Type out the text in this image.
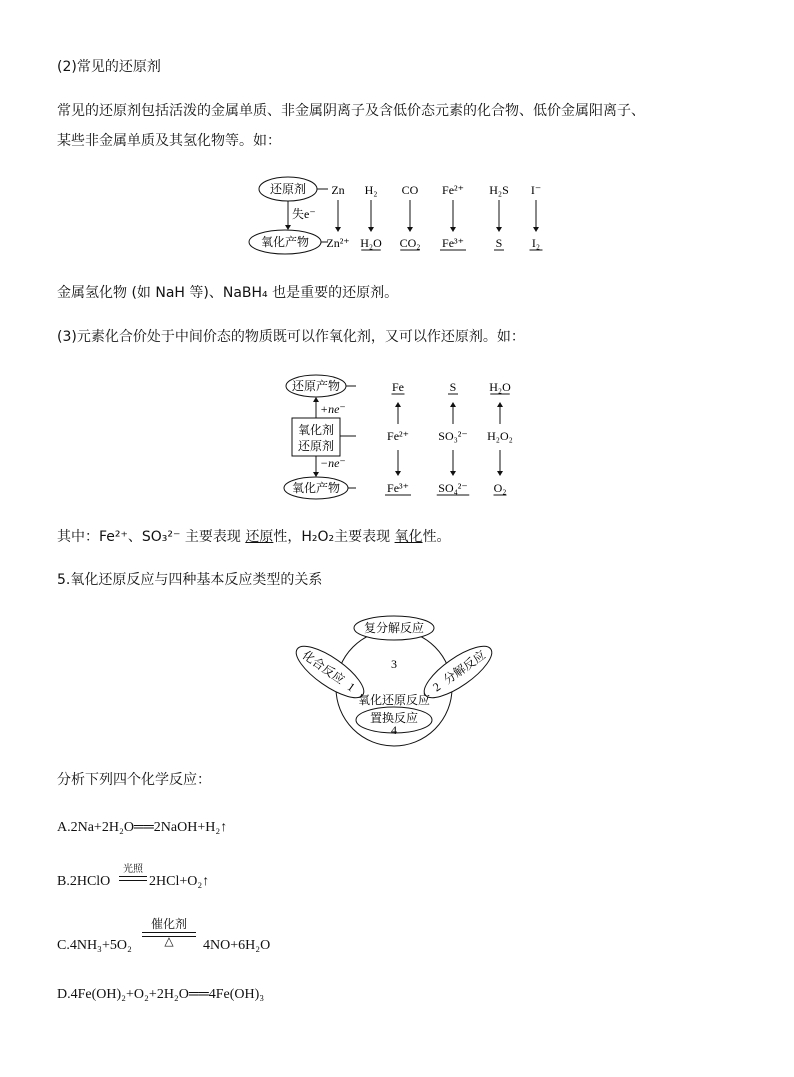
(2)常见的还原剂
常见的还原剂包括活泼的金属单质、非金属阴离子及含低价态元素的化合物、低价金属阳离子、
某些非金属单质及其氢化物等。如：
还原剂
氧化产物
失e⁻
Zn H₂ CO Fe²⁺ H₂S I⁻
Zn²⁺ H₂O CO₂ Fe³⁺	S I₂
金属氢化物 (如 NaH 等)、NaBH₄ 也是重要的还原剂。
(3)元素化合价处于中间价态的物质既可以作氧化剂，又可以作还原剂。如：
还原产物
氧化剂
还原剂
氧化产物
+ne⁻
−ne⁻
Fe	S	H₂O
Fe²⁺ SO₃²⁻ H₂O₂
Fe³⁺ SO₄²⁻ O₂
其中：Fe²⁺、SO₃²⁻ 主要表现 还原性，H₂O₂主要表现 氧化性。
5.氧化还原反应与四种基本反应类型的关系
复分解反应
置换反应
4
化合反应
1	2
分解反应
3
氧化还原反应
分析下列四个化学反应：
A.2Na+2H₂O══2NaOH+H₂↑
B.2HClO
光照
2HCl+O₂↑
C.4NH₃+5O₂
催化剂
△	4NO+6H₂O
D.4Fe(OH)₂+O₂+2H₂O══4Fe(OH)₃
